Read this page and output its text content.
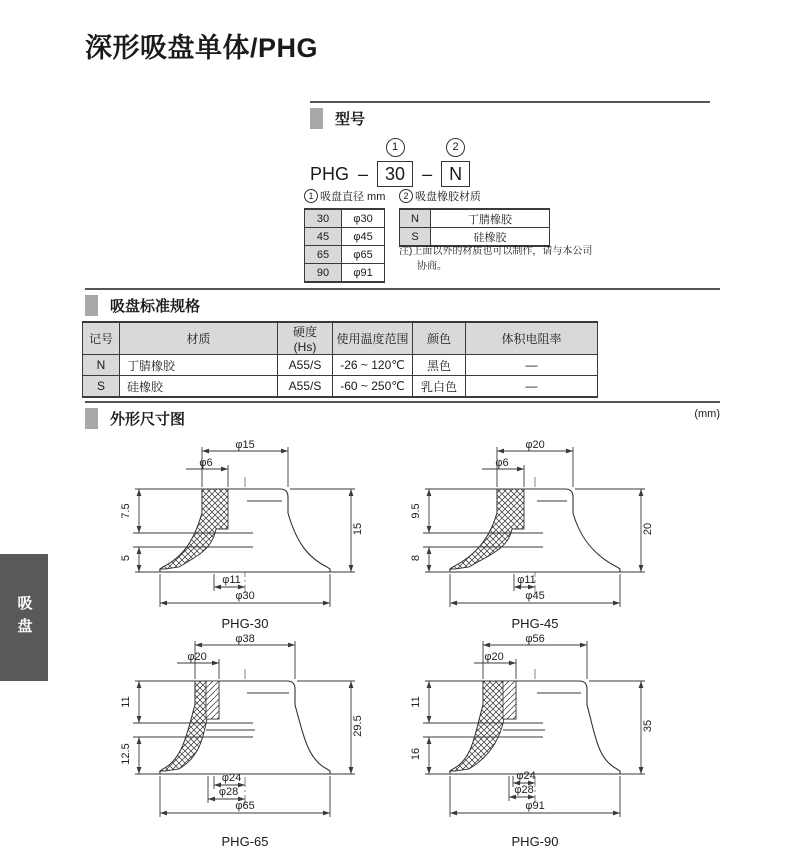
深形吸盘单体/PHG
型号
PHG –
1
30 –
2
N
1 吸盘直径 mm
30	φ30
45	φ45
65	φ65
90	φ91
2 吸盘橡胶材质
N	丁腈橡胶
S	硅橡胶
注)上面以外的材质也可以制作，请与本公司协商。
吸盘标准规格
记号	材质	硬度 (Hs)	使用温度范围	颜色	体积电阻率
N	丁腈橡胶	A55/S	-26 ~ 120℃	黑色	—
S	硅橡胶	A55/S	-60 ~ 250℃	乳白色	—
外形尺寸图	(mm)
φ15
φ6
15
7.5
5
φ11
φ30
PHG-30
φ20
φ6
20
9.5
8
φ11
φ45
PHG-45
φ38
φ20
29.5
11
12.5
φ24
φ28
φ65
PHG-65
φ56
φ20
35
11
16
φ24
φ28
φ91
PHG-90
吸盘
